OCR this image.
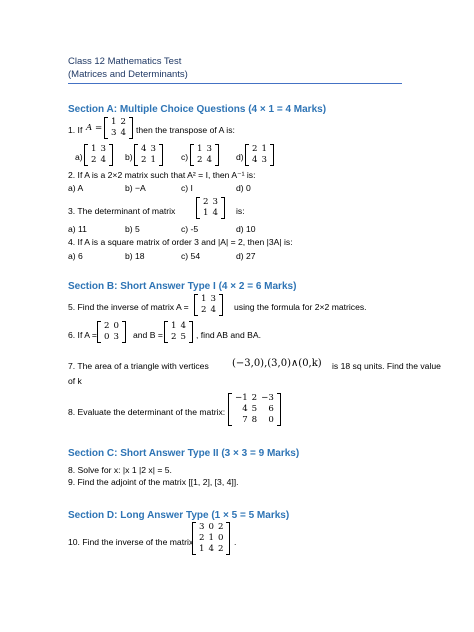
Class 12 Mathematics Test
(Matrices and Determinants)
Section A: Multiple Choice Questions (4 × 1 = 4 Marks)
1. If A =
1	2
3	4 then the transpose of A is:
a)
1	3
2	4 b)
4	3
2	1	c)
1	3
2	4	d)
2	1
4	3
2. If A is a 2×2 matrix such that A² = I, then A⁻¹ is:
a) A	b) −A	c) I	d) 0
3. The determinant of matrix
2	3
1	4 is:
a) 11	b) 5	c) -5	d) 10
4. If A is a square matrix of order 3 and |A| = 2, then |3A| is:
a) 6	b) 18	c) 54	d) 27
Section B: Short Answer Type I (4 × 2 = 6 Marks)
5. Find the inverse of matrix A =
1	3
2	4 using the formula for 2×2 matrices.
6. If A =
2	0
0	3 and B =
1	4
2	5 , find AB and BA.
7. The area of a triangle with vertices (−3,0),(3,0)∧(0,k) is 18 sq units. Find the value
of k
8. Evaluate the determinant of the matrix:
−1	2	−3
4	5	6
7	8	0
Section C: Short Answer Type II (3 × 3 = 9 Marks)
8. Solve for x: |x 1 |2 x| = 5.
9. Find the adjoint of the matrix [[1, 2], [3, 4]].
Section D: Long Answer Type (1 × 5 = 5 Marks)
10. Find the inverse of the matrix
3	0	2
2	1	0
1	4	2
.
